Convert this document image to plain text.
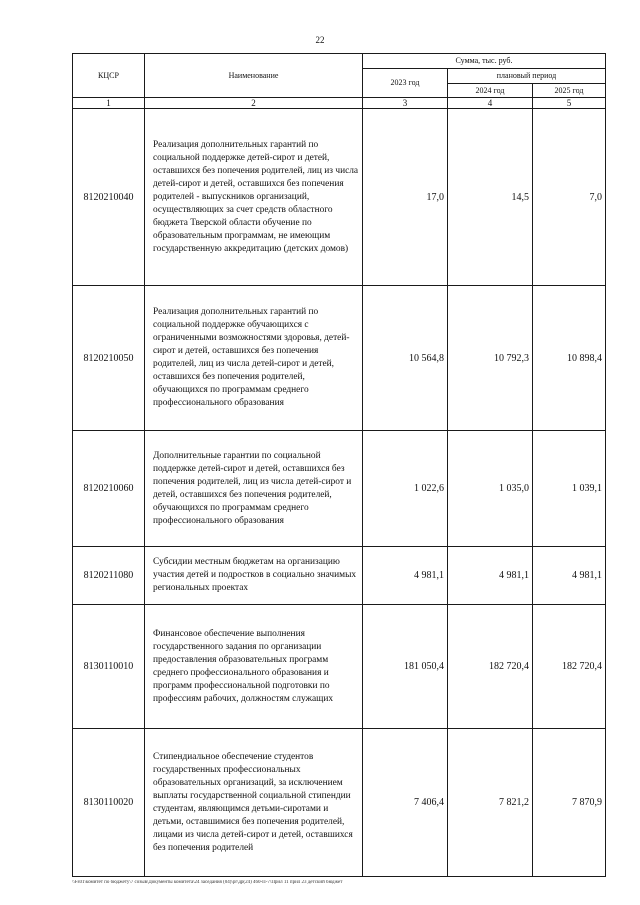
22
КЦСР	Наименование	Сумма, тыс. руб.		
		2023 год	плановый период	
			2024 год	2025 год
1	2	3	4	5
8120210040	Реализация дополнительных гарантий по социальной поддержке детей-сирот и детей, оставшихся без попечения родителей, лиц из числа детей-сирот и детей, оставшихся без попечения родителей - выпускников организаций, осуществляющих за счет средств областного бюджета Тверской области обучение по образовательным программам, не имеющим государственную аккредитацию (детских домов)	17,0	14,5	7,0
8120210050	Реализация дополнительных гарантий по социальной поддержке обучающихся с ограниченными возможностями здоровья, детей-сирот и детей, оставшихся без попечения родителей, лиц из числа детей-сирот и детей, оставшихся без попечения родителей, обучающихся по программам среднего профессионального образования	10 564,8	10 792,3	10 898,4
8120210060	Дополнительные гарантии по социальной поддержке детей-сирот и детей, оставшихся без попечения родителей, лиц из числа детей-сирот и детей, оставшихся без попечения родителей, обучающихся по программам среднего профессионального образования	1 022,6	1 035,0	1 039,1
8120211080	Субсидии местным бюджетам на организацию участия детей и подростков в социально значимых региональных проектах	4 981,1	4 981,1	4 981,1
8130110010	Финансовое обеспечение выполнения государственного задания по организации предоставления образовательных программ среднего профессионального образования и программ профессиональной подготовки по профессиям рабочих, должностям служащих	181 050,4	182 720,4	182 720,4
8130110020	Стипендиальное обеспечение студентов государственных профессиональных образовательных организаций, за исключением выплаты государственной социальной стипендии студентам, являющимся детьми-сиротами и детьми, оставшимися без попечения родителей, лицами из числа детей-сирот и детей, оставшихся без попечения родителей	7 406,4	7 821,2	7 870,9
\\Fs01\комитет по бюджету\7 созыв\Документы комитета\24 заседания (04)\pr\др(24) 460-П-7\Прил 11 прил 23 детский бюджет
